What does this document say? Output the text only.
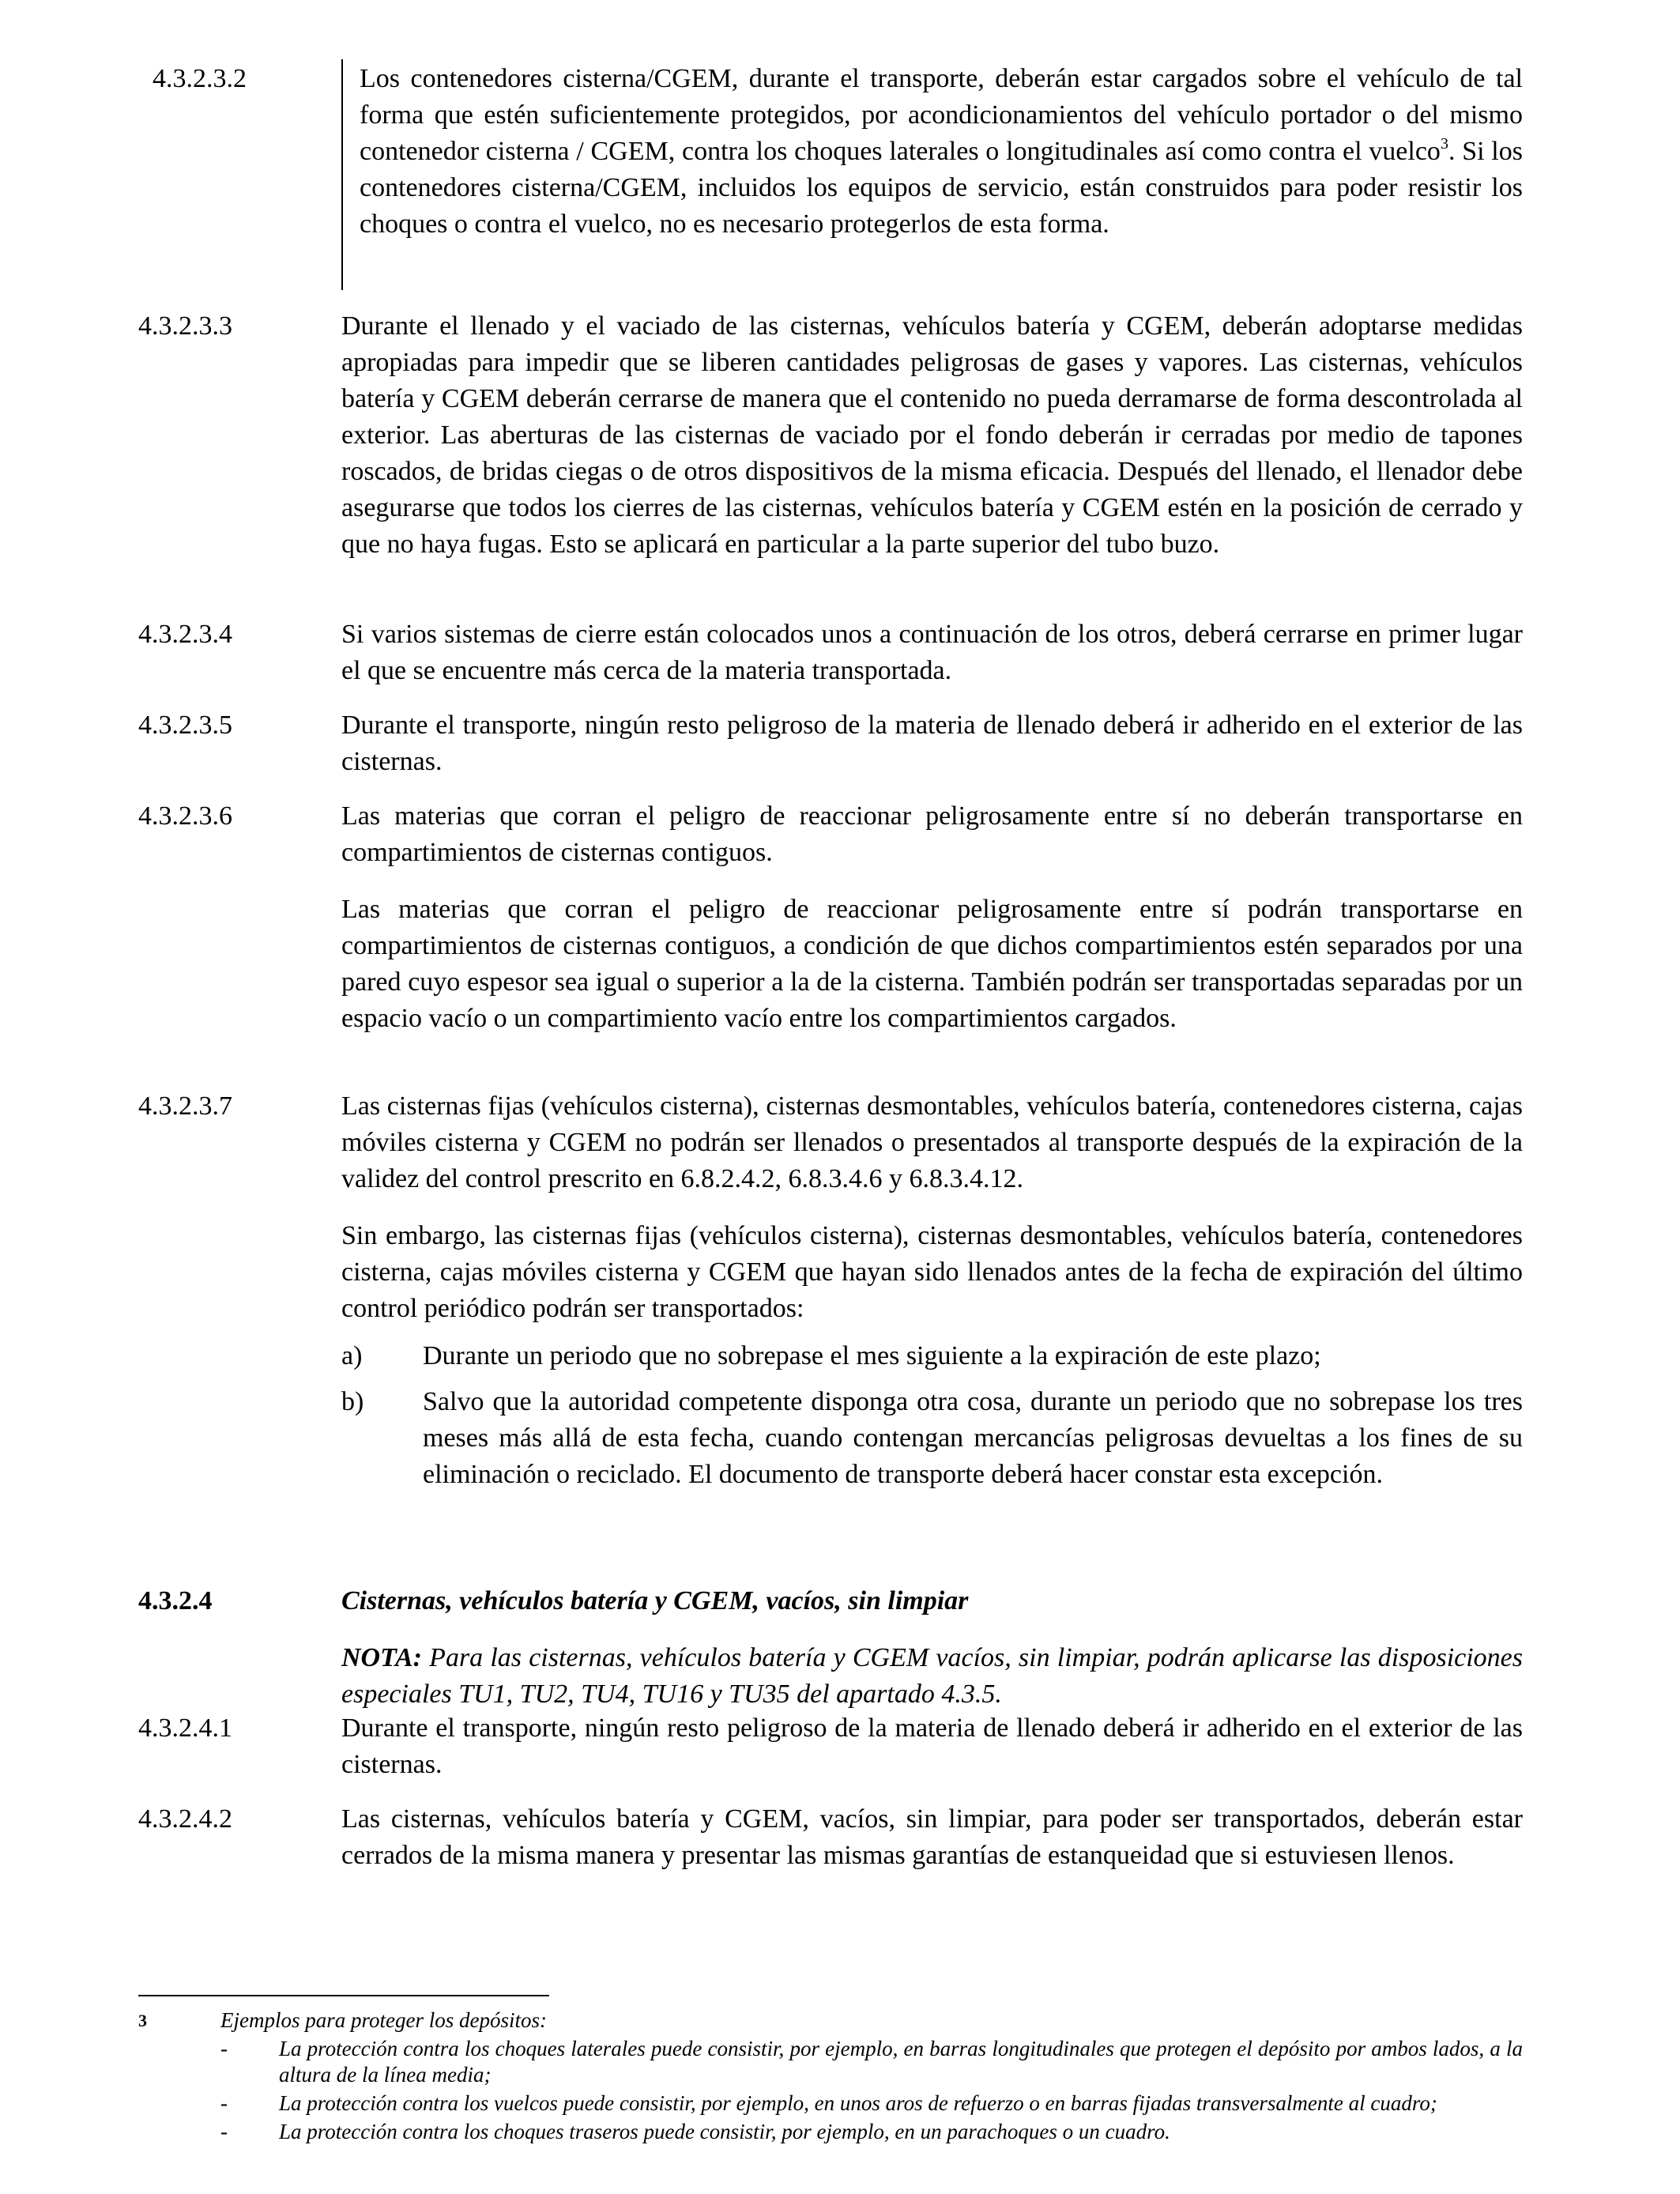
4.3.2.3.2	Los contenedores cisterna/CGEM, durante el transporte, deberán estar cargados sobre el vehículo de tal forma que estén suficientemente protegidos, por acondicionamientos del vehículo portador o del mismo contenedor cisterna / CGEM, contra los choques laterales o longitudinales así como contra el vuelco$^3$. Si los contenedores cisterna/CGEM, incluidos los equipos de servicio, están construidos para poder resistir los choques o contra el vuelco, no es necesario protegerlos de esta forma.

4.3.2.3.3	Durante el llenado y el vaciado de las cisternas, vehículos batería y CGEM, deberán adoptarse medidas apropiadas para impedir que se liberen cantidades peligrosas de gases y vapores. Las cisternas, vehículos batería y CGEM deberán cerrarse de manera que el contenido no pueda derramarse de forma descontrolada al exterior. Las aberturas de las cisternas de vaciado por el fondo deberán ir cerradas por medio de tapones roscados, de bridas ciegas o de otros dispositivos de la misma eficacia. Después del llenado, el llenador debe asegurarse que todos los cierres de las cisternas, vehículos batería y CGEM estén en la posición de cerrado y que no haya fugas. Esto se aplicará en particular a la parte superior del tubo buzo.

4.3.2.3.4	Si varios sistemas de cierre están colocados unos a continuación de los otros, deberá cerrarse en primer lugar el que se encuentre más cerca de la materia transportada.

4.3.2.3.5	Durante el transporte, ningún resto peligroso de la materia de llenado deberá ir adherido en el exterior de las cisternas.

4.3.2.3.6	Las materias que corran el peligro de reaccionar peligrosamente entre sí no deberán transportarse en compartimientos de cisternas contiguos.

Las materias que corran el peligro de reaccionar peligrosamente entre sí podrán transportarse en compartimientos de cisternas contiguos, a condición de que dichos compartimientos estén separados por una pared cuyo espesor sea igual o superior a la de la cisterna. También podrán ser transportadas separadas por un espacio vacío o un compartimiento vacío entre los compartimientos cargados.

4.3.2.3.7	Las cisternas fijas (vehículos cisterna), cisternas desmontables, vehículos batería, contenedores cisterna, cajas móviles cisterna y CGEM no podrán ser llenados o presentados al transporte después de la expiración de la validez del control prescrito en 6.8.2.4.2, 6.8.3.4.6 y 6.8.3.4.12.

Sin embargo, las cisternas fijas (vehículos cisterna), cisternas desmontables, vehículos batería, contenedores cisterna, cajas móviles cisterna y CGEM que hayan sido llenados antes de la fecha de expiración del último control periódico podrán ser transportados:

a) Durante un periodo que no sobrepase el mes siguiente a la expiración de este plazo;
b) Salvo que la autoridad competente disponga otra cosa, durante un periodo que no sobrepase los tres meses más allá de esta fecha, cuando contengan mercancías peligrosas devueltas a los fines de su eliminación o reciclado. El documento de transporte deberá hacer constar esta excepción.
4.3.2.4	Cisternas, vehículos batería y CGEM, vacíos, sin limpiar

NOTA: Para las cisternas, vehículos batería y CGEM vacíos, sin limpiar, podrán aplicarse las disposiciones especiales TU1, TU2, TU4, TU16 y TU35 del apartado 4.3.5.

4.3.2.4.1	Durante el transporte, ningún resto peligroso de la materia de llenado deberá ir adherido en el exterior de las cisternas.

4.3.2.4.2	Las cisternas, vehículos batería y CGEM, vacíos, sin limpiar, para poder ser transportados, deberán estar cerrados de la misma manera y presentar las mismas garantías de estanqueidad que si estuviesen llenos.

3	Ejemplos para proteger los depósitos:
- La protección contra los choques laterales puede consistir, por ejemplo, en barras longitudinales que protegen el depósito por ambos lados, a la altura de la línea media;
- La protección contra los vuelcos puede consistir, por ejemplo, en unos aros de refuerzo o en barras fijadas transversalmente al cuadro;
- La protección contra los choques traseros puede consistir, por ejemplo, en un parachoques o un cuadro.
